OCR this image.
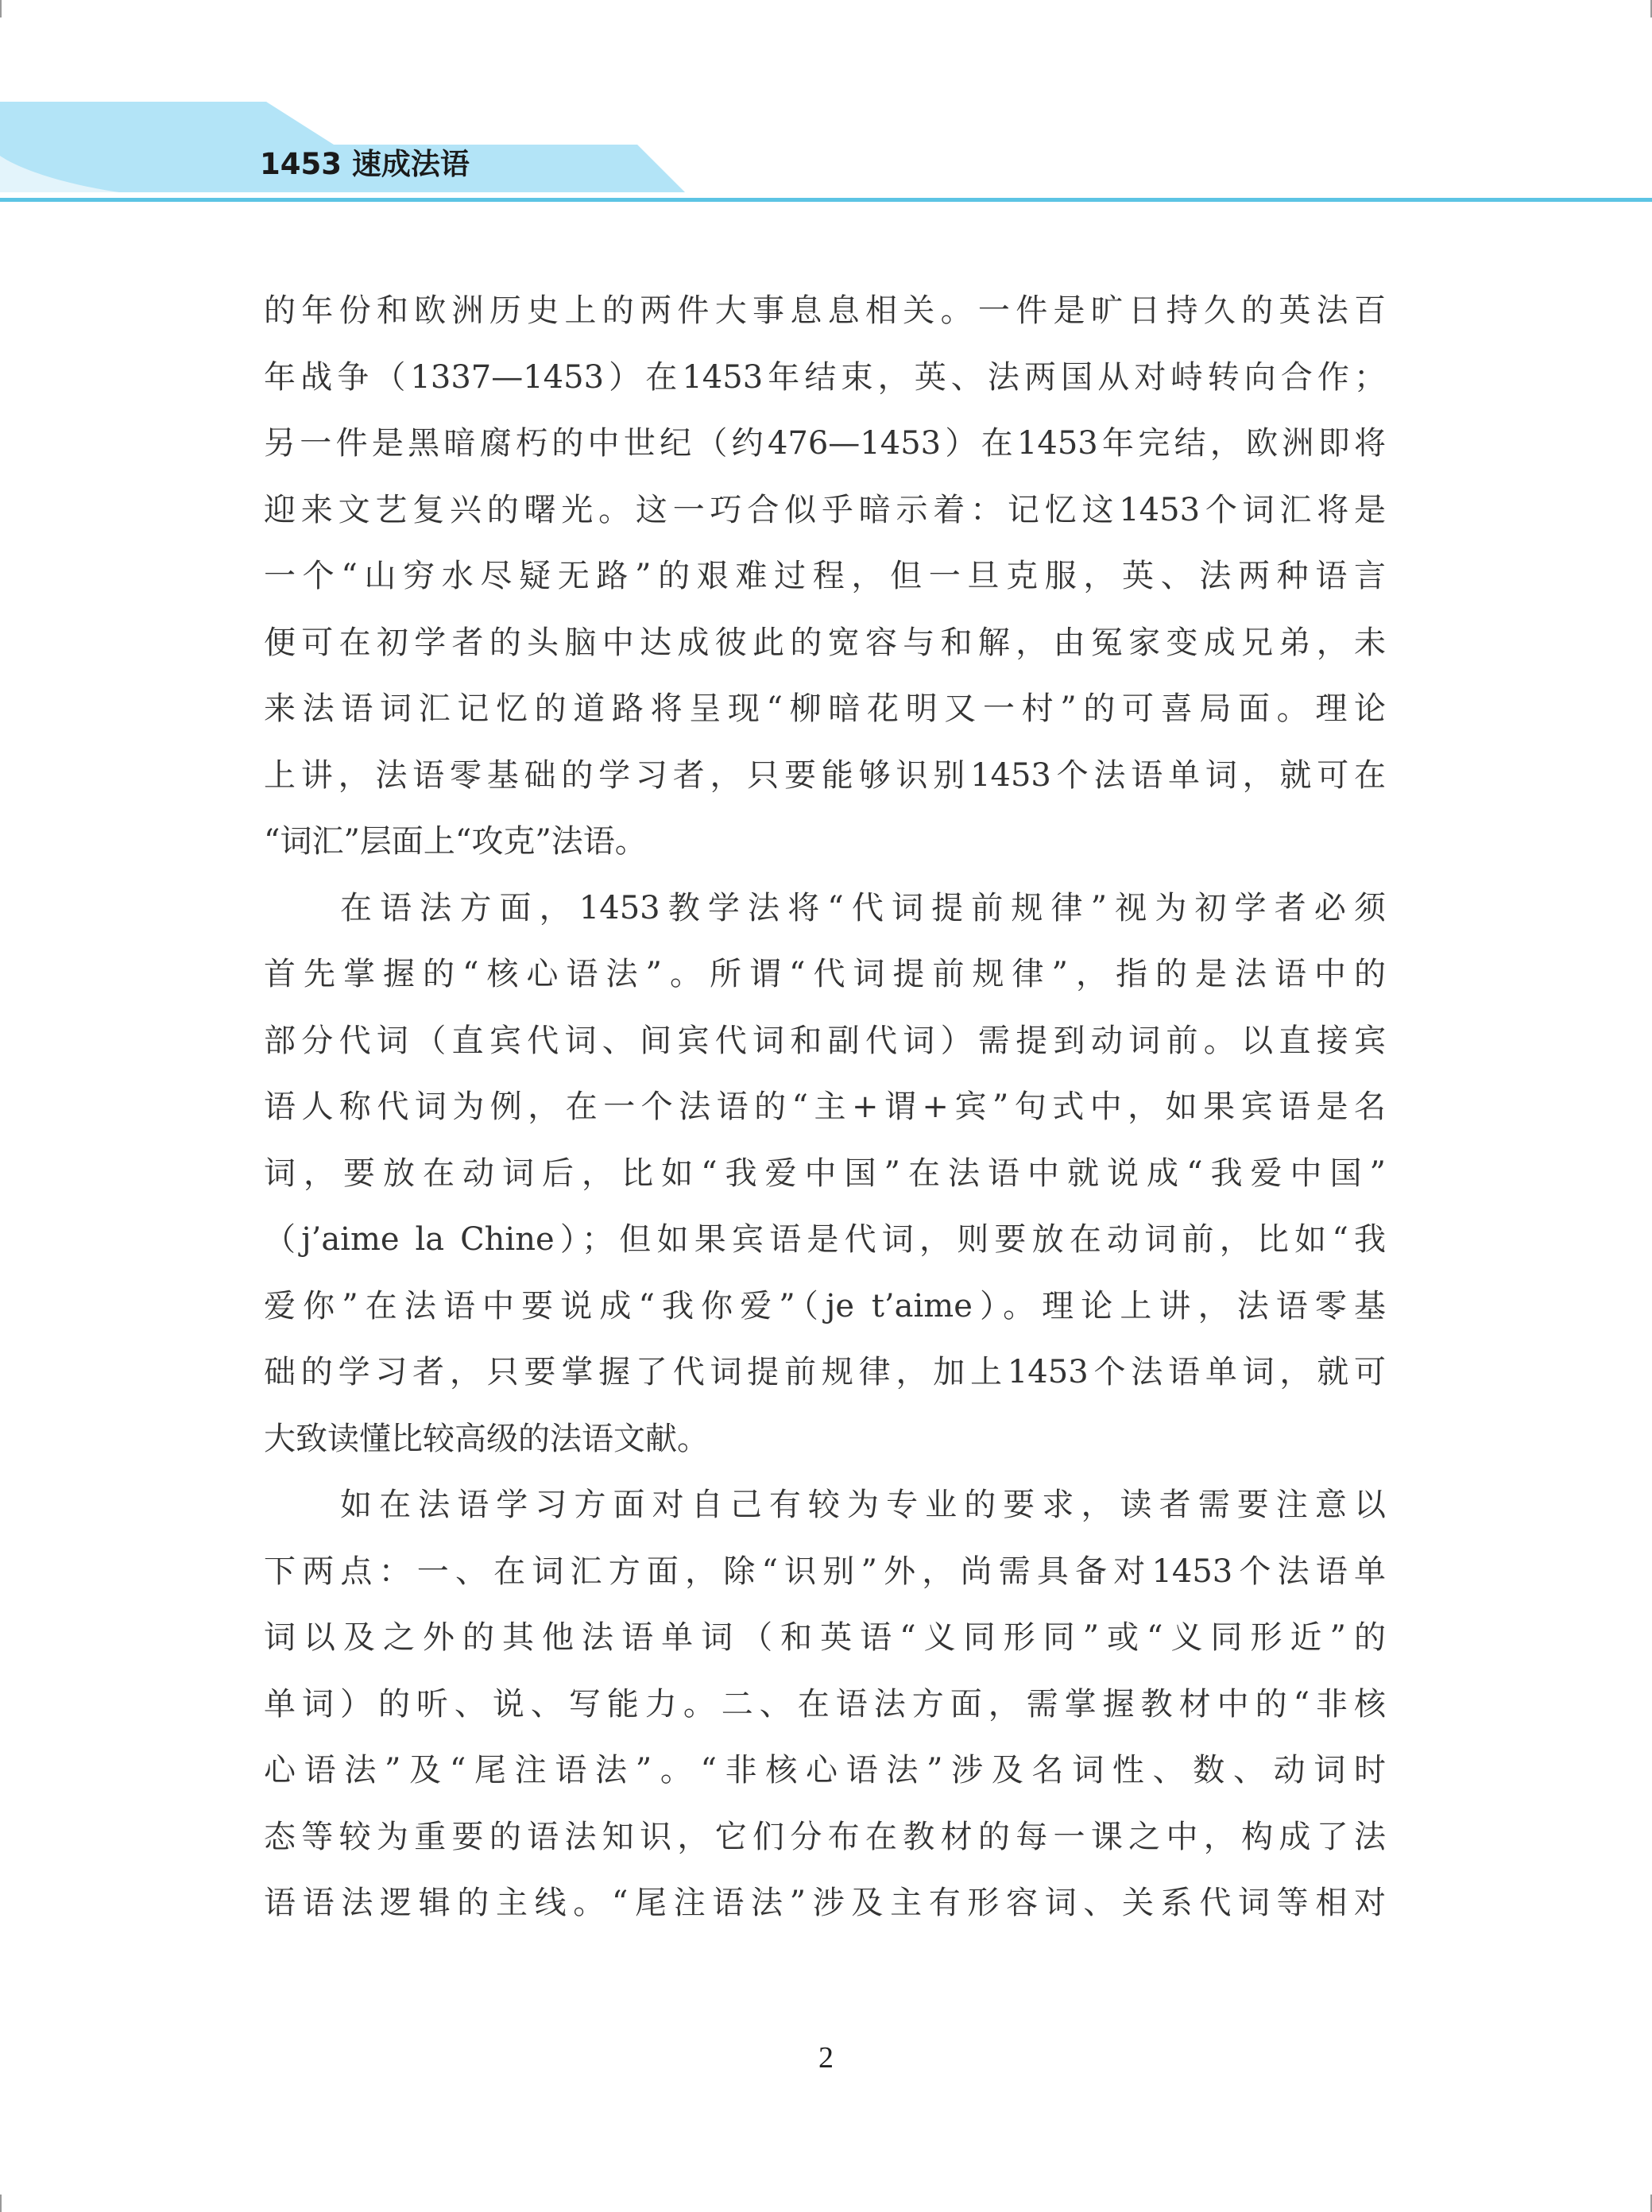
1453 速成法语
的年份和欧洲历史上的两件大事息息相关。一件是旷日持久的英法百
年战争（1337—1453）在1453年结束，英、法两国从对峙转向合作；
另一件是黑暗腐朽的中世纪（约476—1453）在1453年完结，欧洲即将
迎来文艺复兴的曙光。这一巧合似乎暗示着：记忆这1453个词汇将是
一个“山穷水尽疑无路”的艰难过程，但一旦克服，英、法两种语言
便可在初学者的头脑中达成彼此的宽容与和解，由冤家变成兄弟，未
来法语词汇记忆的道路将呈现“柳暗花明又一村”的可喜局面。理论
上讲，法语零基础的学习者，只要能够识别1453个法语单词，就可在
“词汇”层面上“攻克”法语。
在语法方面，1453教学法将“代词提前规律”视为初学者必须
首先掌握的“核心语法”。所谓“代词提前规律”，指的是法语中的
部分代词（直宾代词、间宾代词和副代词）需提到动词前。以直接宾
语人称代词为例，在一个法语的“主+谓+宾”句式中，如果宾语是名
词，要放在动词后，比如“我爱中国”在法语中就说成“我爱中国”
（j’aime la Chine）；但如果宾语是代词，则要放在动词前，比如“我
爱你”在法语中要说成“我你爱”（je t’aime）。理论上讲，法语零基
础的学习者，只要掌握了代词提前规律，加上1453个法语单词，就可
大致读懂比较高级的法语文献。
如在法语学习方面对自己有较为专业的要求，读者需要注意以
下两点：一、在词汇方面，除“识别”外，尚需具备对1453个法语单
词以及之外的其他法语单词（和英语“义同形同”或“义同形近”的
单词）的听、说、写能力。二、在语法方面，需掌握教材中的“非核
心语法”及“尾注语法”。“非核心语法”涉及名词性、数、动词时
态等较为重要的语法知识，它们分布在教材的每一课之中，构成了法
语语法逻辑的主线。“尾注语法”涉及主有形容词、关系代词等相对
2
